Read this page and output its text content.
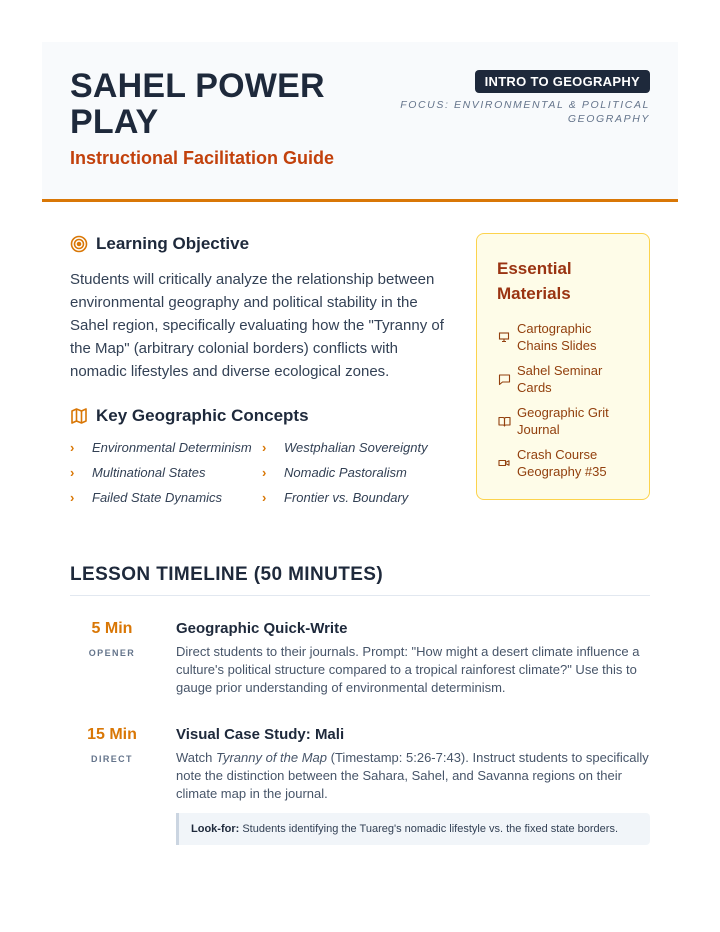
SAHEL POWER PLAY
Instructional Facilitation Guide
INTRO TO GEOGRAPHY
FOCUS: ENVIRONMENTAL & POLITICAL GEOGRAPHY
Learning Objective
Students will critically analyze the relationship between environmental geography and political stability in the Sahel region, specifically evaluating how the "Tyranny of the Map" (arbitrary colonial borders) conflicts with nomadic lifestyles and diverse ecological zones.
Key Geographic Concepts
›	Environmental Determinism ›	Westphalian Sovereignty
›	Multinational States	›	Nomadic Pastoralism
›	Failed State Dynamics	›	Frontier vs. Boundary
Essential Materials
Cartographic Chains Slides
Sahel Seminar Cards
Geographic Grit Journal
Crash Course Geography #35
LESSON TIMELINE (50 MINUTES)
5 Min
OPENER
Geographic Quick-Write
Direct students to their journals. Prompt: "How might a desert climate influence a culture's political structure compared to a tropical rainforest climate?" Use this to gauge prior understanding of environmental determinism.
15 Min
DIRECT
Visual Case Study: Mali
Watch Tyranny of the Map (Timestamp: 5:26-7:43). Instruct students to specifically note the distinction between the Sahara, Sahel, and Savanna regions on their climate map in the journal.
Look-for: Students identifying the Tuareg's nomadic lifestyle vs. the fixed state borders.
